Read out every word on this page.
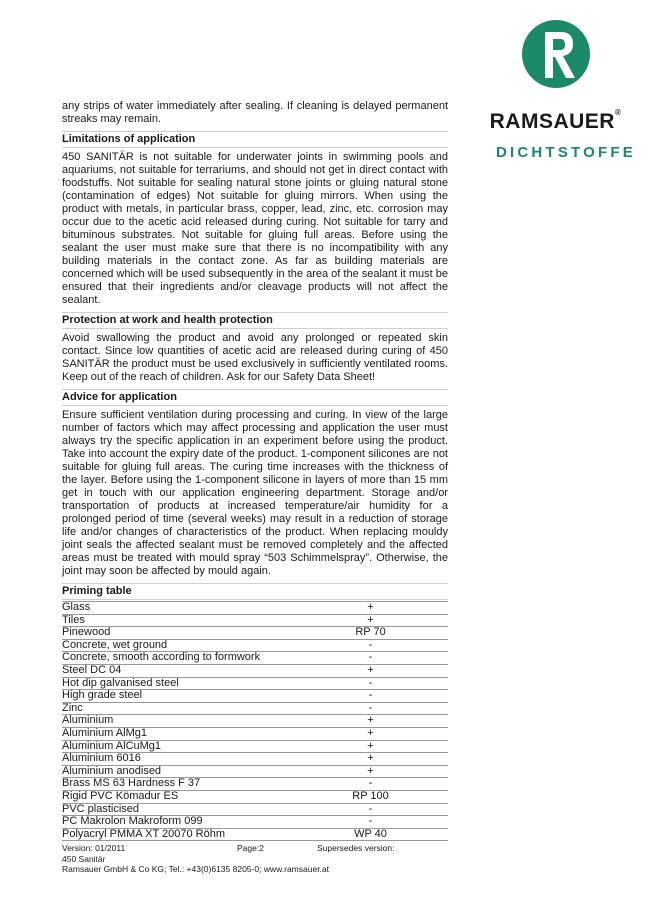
RAMSAUER®
DICHTSTOFFE

any strips of water immediately after sealing. If cleaning is delayed permanent streaks may remain.

Limitations of application

450 SANITÄR is not suitable for underwater joints in swimming pools and aquariums, not suitable for terrariums, and should not get in direct contact with foodstuffs. Not suitable for sealing natural stone joints or gluing natural stone (contamination of edges) Not suitable for gluing mirrors. When using the product with metals, in particular brass, copper, lead, zinc, etc. corrosion may occur due to the acetic acid released during curing. Not suitable for tarry and bituminous substrates. Not suitable for gluing full areas. Before using the sealant the user must make sure that there is no incompatibility with any building materials in the contact zone. As far as building materials are concerned which will be used subsequently in the area of the sealant it must be ensured that their ingredients and/or cleavage products will not affect the sealant.

Protection at work and health protection

Avoid swallowing the product and avoid any prolonged or repeated skin contact. Since low quantities of acetic acid are released during curing of 450 SANITÄR the product must be used exclusively in sufficiently ventilated rooms. Keep out of the reach of children. Ask for our Safety Data Sheet!

Advice for application

Ensure sufficient ventilation during processing and curing. In view of the large number of factors which may affect processing and application the user must always try the specific application in an experiment before using the product. Take into account the expiry date of the product. 1-component silicones are not suitable for gluing full areas. The curing time increases with the thickness of the layer. Before using the 1-component silicone in layers of more than 15 mm get in touch with our application engineering department. Storage and/or transportation of products at increased temperature/air humidity for a prolonged period of time (several weeks) may result in a reduction of storage life and/or changes of characteristics of the product. When replacing mouldy joint seals the affected sealant must be removed completely and the affected areas must be treated with mould spray “503 Schimmelspray”. Otherwise, the joint may soon be affected by mould again.

Priming table
Glass	+
Tiles	+
Pinewood	RP 70
Concrete, wet ground	-
Concrete, smooth according to formwork	-
Steel DC 04	+
Hot dip galvanised steel	-
High grade steel	-
Zinc	-
Aluminium	+
Aluminium AlMg1	+
Aluminium AlCuMg1	+
Aluminium 6016	+
Aluminium anodised	+
Brass MS 63 Hardness F 37	-
Rigid PVC Kömadur ES	RP 100
PVC plasticised	-
PC Makrolon Makroform 099	-
Polyacryl PMMA XT 20070 Röhm	WP 40
Version: 01/2011	Page:2	Supersedes version:
450 Sanitär
Ramsauer GmbH & Co KG; Tel.: +43(0)6135 8205-0; www.ramsauer.at
